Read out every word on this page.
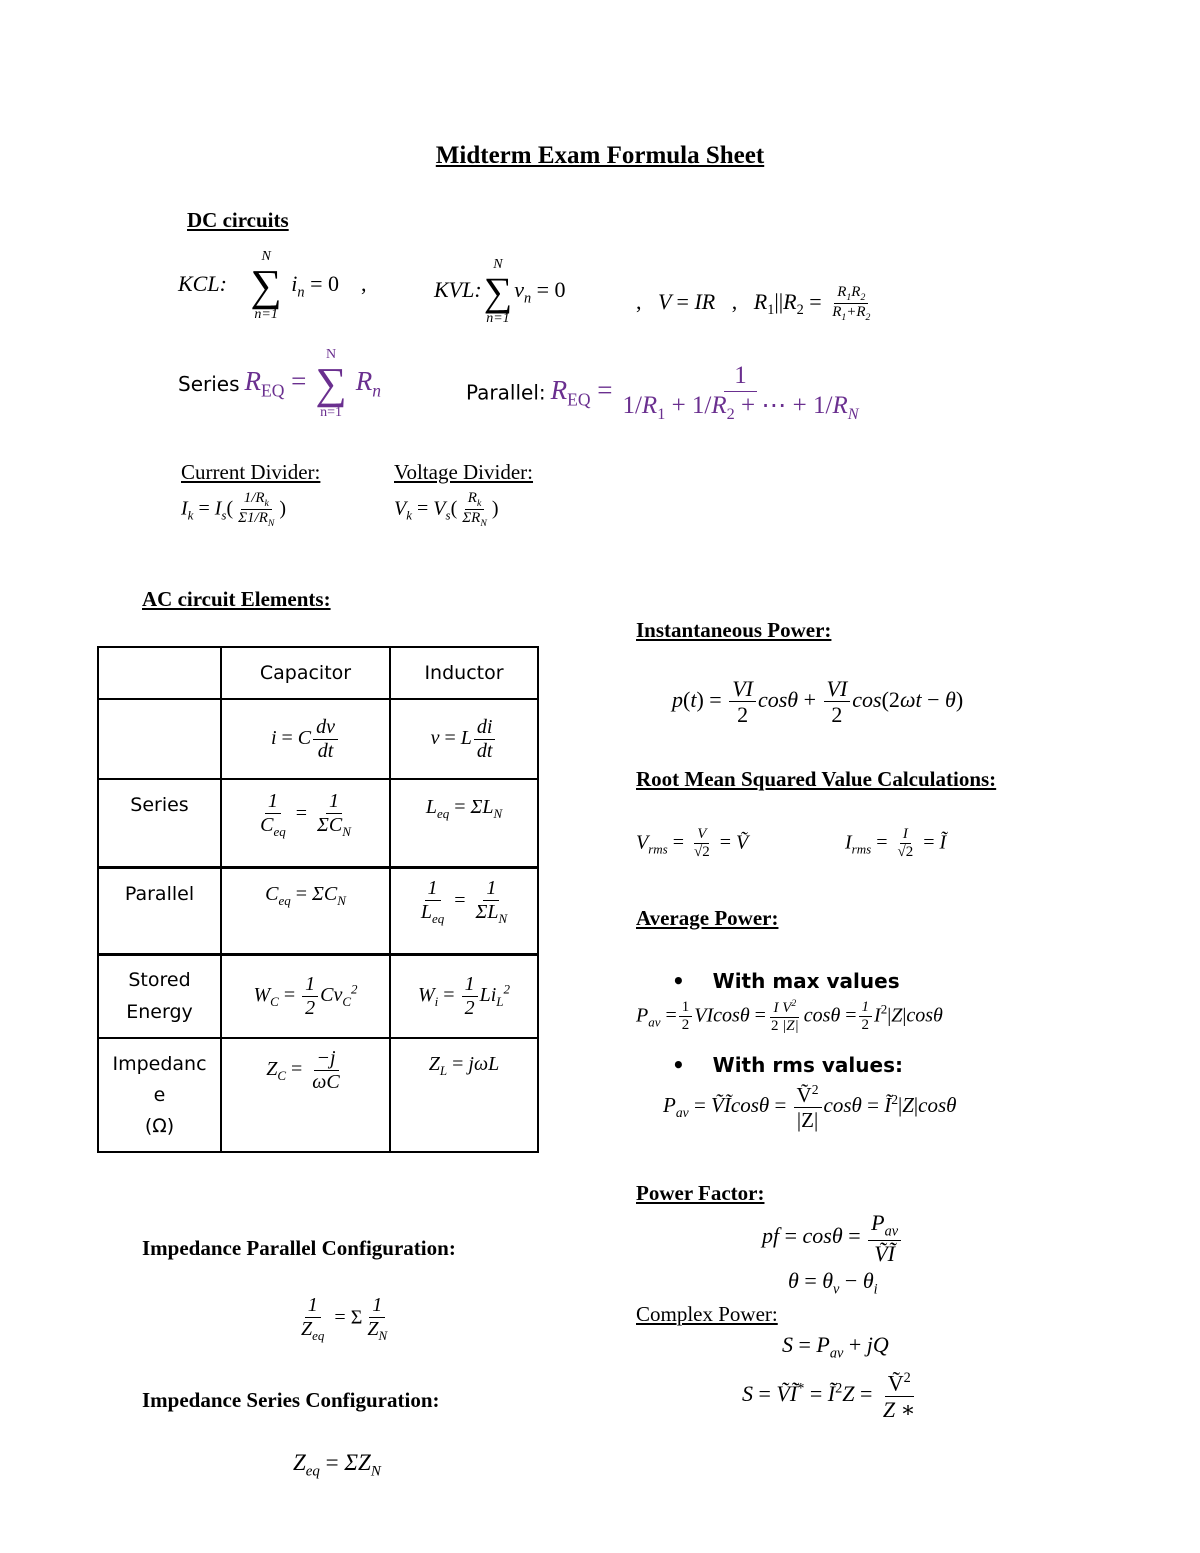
Midterm Exam Formula Sheet
DC circuits
KCL:
N
∑
n=1
$i_n = 0$ ,	KVL:
N
∑
n=1
$v_n = 0$	,   V = IR   ,   $R_1||R_2 = \frac{R_1R_2}{R_1+R_2}$
Series $R_{EQ}$ =
N
∑
n=1
$R_n$	Parallel: $R_{EQ} = \frac{1}{1/R_1 + 1/R_2 + \cdots + 1/R_N}$
Current Divider:	Voltage Divider:
$I_k = I_s( \frac{1/R_k}{\Sigma 1/R_N}$ )	$V_k = V_s( \frac{R_k}{\Sigma R_N}$ )
AC circuit Elements:
	Capacitor	Inductor
	i = C $\frac{dv}{dt}$	v = L $\frac{di}{dt}$

Series	$\frac{1}{C_{eq}} = \frac{1}{\Sigma C_N}$	$L_{eq} = \Sigma L_N$
Parallel	$C_{eq} = \Sigma C_N$	$\frac{1}{L_{eq}} = \frac{1}{\Sigma L_N}$

Stored
Energy	$W_C = \frac{1}{2} Cv_C^2$	$W_i = \frac{1}{2} Li_L^2$
Impedanc
e
(Ω)	$Z_C = \frac{-j}{\omega C}$	$Z_L = j\omega L$
Impedance Parallel Configuration:
$\frac{1}{Z_{eq}} = \Sigma \frac{1}{Z_N}$
Impedance Series Configuration:
$Z_{eq} = \Sigma Z_N$
Instantaneous Power:
$p(t) = \frac{VI}{2}$ $\cos\theta + \frac{VI}{2} \cos(2\omega t - \theta)$
Root Mean Squared Value Calculations:
$V_{rms} = \frac{V}{√2}$ = Ṽ	$I_{rms} = \frac{I}{√2}$ = Ĩ
Average Power:
•    With max values
$P_{av} = \frac{1}{2}$ $VIcos\theta = \frac{I V^2}{2 |Z|}$ $\cos\theta = \frac{1}{2} I^2|Z|\cos\theta$
•    With rms values:
$P_{av}$ = ṼĨcosθ = $\frac{Ṽ^2}{|Z|}$ $\cos\theta = Ĩ^2|Z|\cos\theta$
Power Factor:
pf = $\cos\theta = \frac{P_{av}}{\text{ṼĨ}}$
$\theta = \theta_v - \theta_i$
Complex Power:
$S = P_{av}$ + jQ
S = ṼĨ* = $Ĩ^2Z = \frac{Ṽ^2}{Z ∗}$
